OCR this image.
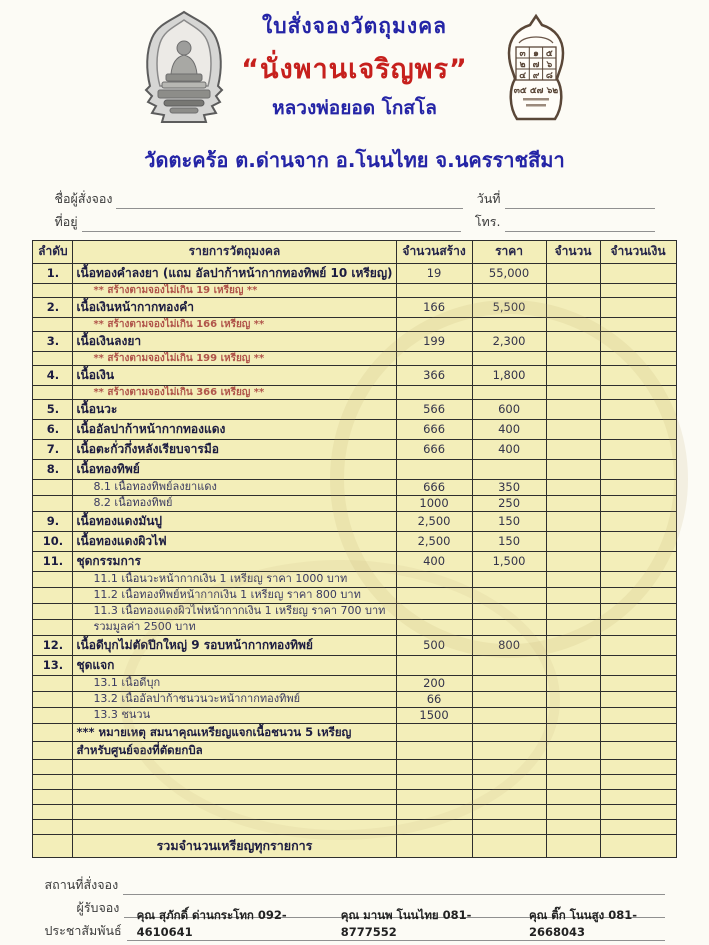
๓ ๑ ๕
๒ ๗ ๖
๔ ๙ ๘
๓๕ ๕๗ ๖๒
ใบสั่งจองวัตถุมงคล
“นั่งพานเจริญพร”
หลวงพ่อยอด โกสโล
วัดตะคร้อ ต.ด่านจาก อ.โนนไทย จ.นครราชสีมา
ชื่อผู้สั่งจอง	วันที่
ที่อยู่	โทร.
ลำดับ	รายการวัตถุมงคล	จำนวนสร้าง	ราคา	จำนวน	จำนวนเงิน
1.	เนื้อทองคำลงยา (แถม อัลปาก้าหน้ากากทองทิพย์ 10 เหรียญ)	19	55,000		
	** สร้างตามจองไม่เกิน 19 เหรียญ **				
2.	เนื้อเงินหน้ากากทองคำ	166	5,500		
	** สร้างตามจองไม่เกิน 166 เหรียญ **				
3.	เนื้อเงินลงยา	199	2,300		
	** สร้างตามจองไม่เกิน 199 เหรียญ **				
4.	เนื้อเงิน	366	1,800		
	** สร้างตามจองไม่เกิน 366 เหรียญ **				
5.	เนื้อนวะ	566	600		
6.	เนื้ออัลปาก้าหน้ากากทองแดง	666	400		
7.	เนื้อตะกั่วกึ่งหลังเรียบจารมือ	666	400		
8.	เนื้อทองทิพย์				
	8.1 เนื้อทองทิพย์ลงยาแดง	666	350		
	8.2 เนื้อทองทิพย์	1000	250		
9.	เนื้อทองแดงมันปู	2,500	150		
10.	เนื้อทองแดงผิวไฟ	2,500	150		
11.	ชุดกรรมการ	400	1,500		
	11.1 เนื้อนวะหน้ากากเงิน 1 เหรียญ ราคา 1000 บาท				
	11.2 เนื้อทองทิพย์หน้ากากเงิน 1 เหรียญ ราคา 800 บาท				
	11.3 เนื้อทองแดงผิวไฟหน้ากากเงิน 1 เหรียญ ราคา 700 บาท				
	รวมมูลค่า 2500 บาท				
12.	เนื้อดีบุกไม่ตัดปีกใหญ่ 9 รอบหน้ากากทองทิพย์	500	800		
13.	ชุดแจก				
	13.1 เนื้อดีบุก	200			
	13.2 เนื้ออัลปาก้าชนวนวะหน้ากากทองทิพย์	66			
	13.3 ชนวน	1500			
	*** หมายเหตุ สมนาคุณเหรียญแจกเนื้อชนวน 5 เหรียญ				
	สำหรับศูนย์จองที่ตัดยกบิล				

	รวมจำนวนเหรียญทุกรายการ				
สถานที่สั่งจอง
ผู้รับจอง
ประชาสัมพันธ์
คุณ สุภักดิ์ ด่านกระโทก 092-4610641
คุณ มานพ โนนไทย 081-8777552
คุณ ติ๊ก โนนสูง 081-2668043
